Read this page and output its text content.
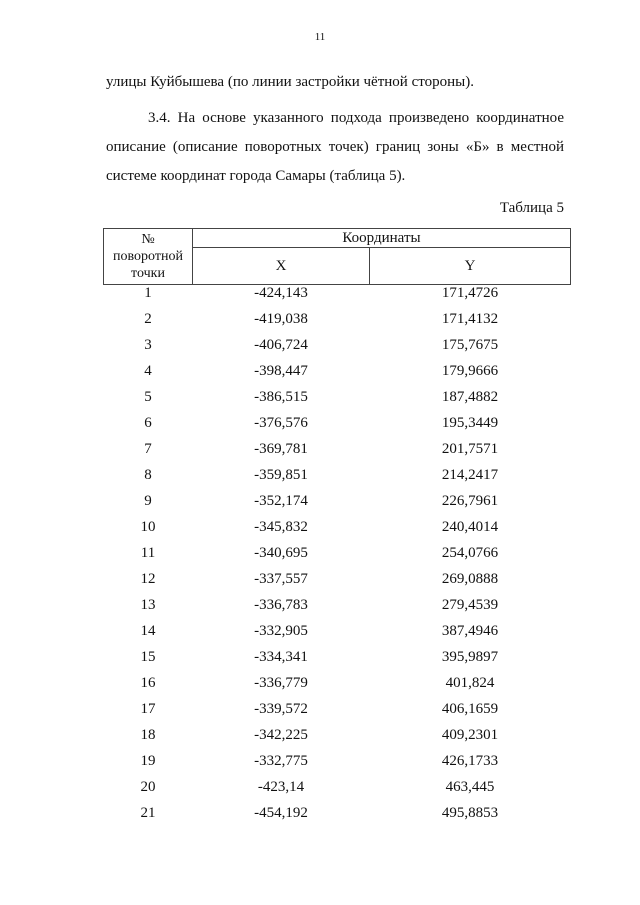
11
улицы Куйбышева (по линии застройки чётной стороны).

3.4. На основе указанного подхода произведено координатное описание (описание поворотных точек) границ зоны «Б» в местной системе координат города Самары (таблица 5).

Таблица 5
№
поворотной
точки	Координаты	
	X	Y
1	-424,143	171,4726
2	-419,038	171,4132
3	-406,724	175,7675
4	-398,447	179,9666
5	-386,515	187,4882
6	-376,576	195,3449
7	-369,781	201,7571
8	-359,851	214,2417
9	-352,174	226,7961
10	-345,832	240,4014
11	-340,695	254,0766
12	-337,557	269,0888
13	-336,783	279,4539
14	-332,905	387,4946
15	-334,341	395,9897
16	-336,779	401,824
17	-339,572	406,1659
18	-342,225	409,2301
19	-332,775	426,1733
20	-423,14	463,445
21	-454,192	495,8853
